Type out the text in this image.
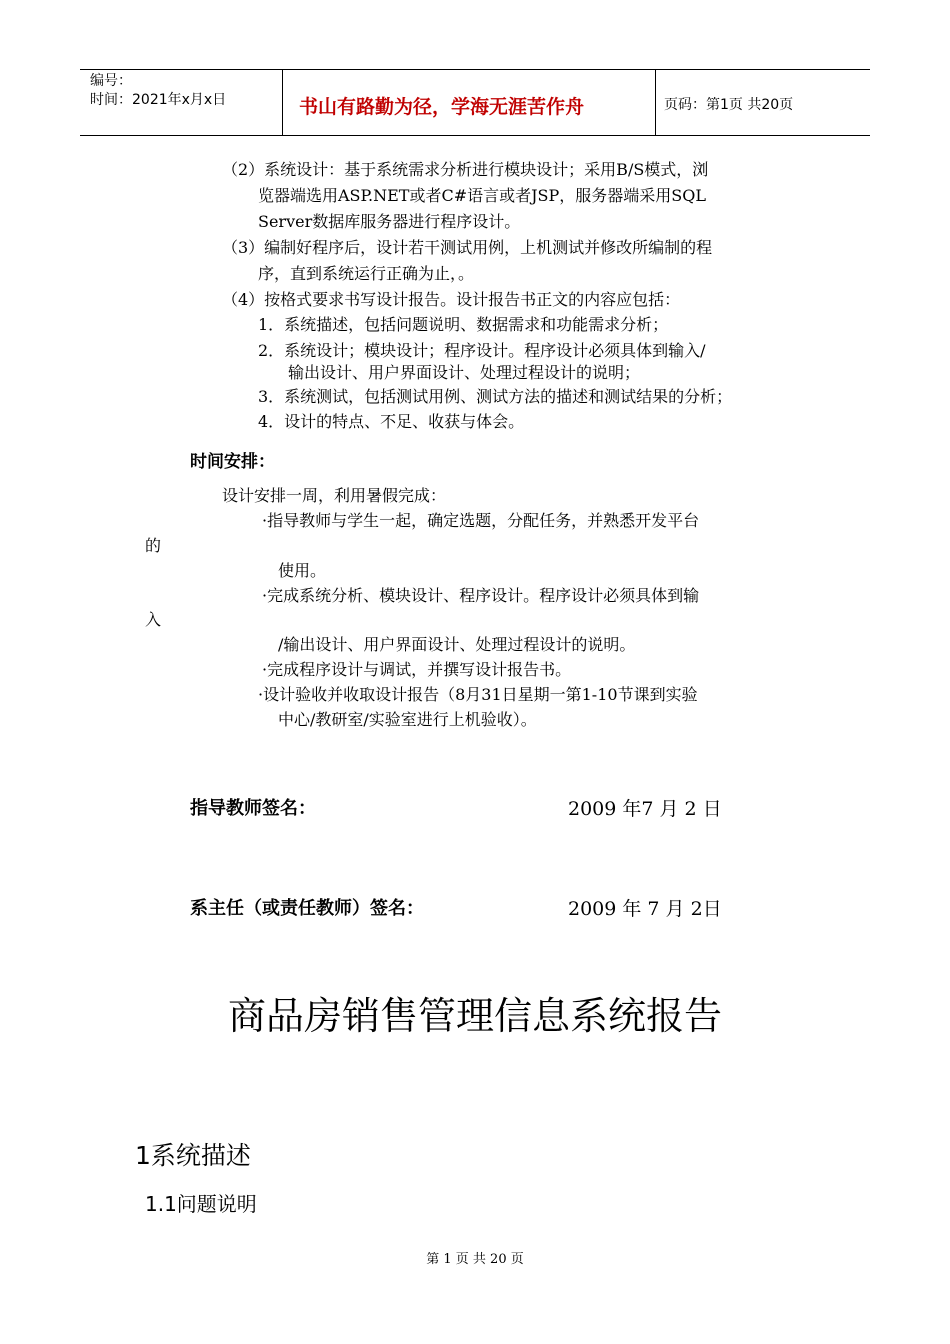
编号：
时间：2021年x月x日	书山有路勤为径，学海无涯苦作舟	页码：第1页 共20页
（2）系统设计：基于系统需求分析进行模块设计；采用B/S模式，浏
览器端选用ASP.NET或者C#语言或者JSP，服务器端采用SQL
Server数据库服务器进行程序设计。
（3）编制好程序后，设计若干测试用例，上机测试并修改所编制的程
序，直到系统运行正确为止，。
（4）按格式要求书写设计报告。设计报告书正文的内容应包括：
1．系统描述，包括问题说明、数据需求和功能需求分析；
2．系统设计；模块设计；程序设计。程序设计必须具体到输入/
输出设计、用户界面设计、处理过程设计的说明；
3．系统测试，包括测试用例、测试方法的描述和测试结果的分析；
4．设计的特点、不足、收获与体会。
时间安排：
设计安排一周，利用暑假完成：
·指导教师与学生一起，确定选题，分配任务，并熟悉开发平台
的
使用。
·完成系统分析、模块设计、程序设计。程序设计必须具体到输
入
/输出设计、用户界面设计、处理过程设计的说明。
·完成程序设计与调试，并撰写设计报告书。
·设计验收并收取设计报告（8月31日星期一第1-10节课到实验
中心/教研室/实验室进行上机验收）。
指导教师签名：	2009 年7 月 2 日
系主任（或责任教师）签名：	2009 年 7 月 2日
商品房销售管理信息系统报告
1系统描述
1.1问题说明
第 1 页 共 20 页
